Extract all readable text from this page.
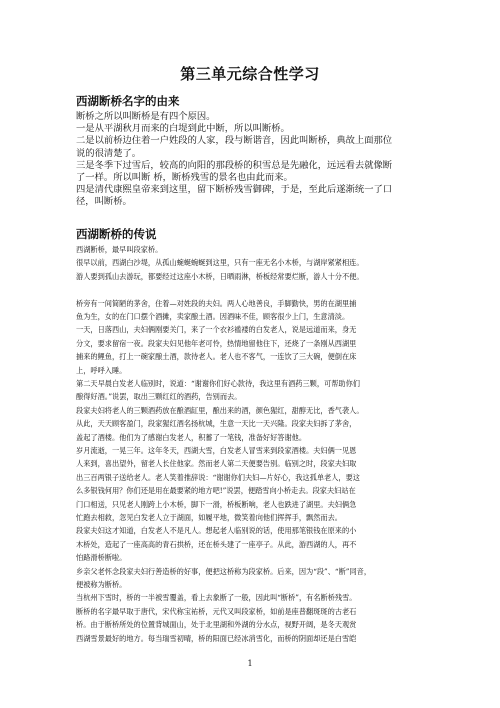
第三单元综合性学习
西湖断桥名字的由来
断桥之所以叫断桥是有四个原因。
一是从平湖秋月而来的白堤到此中断，所以叫断桥。
二是以前桥边住着一户姓段的人家，段与断谐音，因此叫断桥，典故上面那位
说的很清楚了。
三是冬季下过雪后，较高的向阳的那段桥的积雪总是先融化，远远看去就像断
了一样。所以叫断 桥，断桥残雪的景名也由此而来。
四是清代康熙皇帝来到这里，留下断桥残雪御碑，于是，至此后遂渐统一了口
径，叫断桥。
西湖断桥的传说
西湖断桥，最早叫段家桥。
很早以前，西湖白沙堤，从孤山蜿蜒蜿蜒到这里，只有一座无名小木桥，与湖岸紧紧相连。
游人要到孤山去游玩，都要经过这座小木桥，日晒雨淋，桥板经常要烂断，游人十分不便。
桥旁有一间简陋的茅舍，住着—对姓段的夫妇。两人心地善良，手脚勤快，男的在湖里捕
鱼为生，女的在门口摆个酒摊，卖家酿土酒。因酒味不佳，顾客很少上门，生意清淡。
一天，日落西山，夫妇俩刚要关门，来了一个衣衫褴褛的白发老人，说是远道而来，身无
分文，要求留宿一夜。段家夫妇见他年老可怜，热情地留他住下，还烧了一条刚从西湖里
捕来的鲤鱼，打上一碗家酿土酒，款待老人。老人也不客气，一连饮了三大碗，便倒在床
上，呼呼入睡。
第二天早晨白发老人临别时，说道：“谢谢你们好心款待，我这里有酒药三颗，可帮助你们
酿得好酒。”说罢，取出三颗红红的酒药，告别而去。
段家夫妇将老人的三颗酒药放在酿酒缸里，酿出来的酒，颜色猩红，甜醇无比，香气袭人。
从此，天天顾客盈门，段家猩红酒名扬杭城，生意一天比一天兴隆。段家夫妇拆了茅舍，
盖起了酒楼。他们为了感谢白发老人，积蓄了一笔钱，准备好好答谢他。
岁月流逝，一晃三年。这年冬天，西湖大雪，白发老人冒雪来到段家酒楼。夫妇俩一见恩
人来到，喜出望外，留老人长住他家。然而老人第二天便要告别。临别之时，段家夫妇取
出三百两银子送给老人。老人笑着推辞说：“谢谢你们夫妇—片好心，我这孤单老人，要这
么多银钱何用？你们还是用在最要紧的地方吧!”说罢，便踏雪向小桥走去。段家夫妇站在
门口相送，只见老人刚跨上小木桥，脚下一滑，桥板断响，老人也跌进了湖里。夫妇俩急
忙跑去相救，忽见白发老人立于湖面，如履平地，微笑着向他们挥挥手，飘然而去。
段家夫妇这才知道，白发老人不是凡人。想起老人临别说的话，使用那笔银钱在原来的小
木桥处，造起了一座高高的青石拱桥，还在桥头建了一座亭子。从此，游西湖的人，再不
怕路滑桥断啦。
乡亲父老怀念段家夫妇行善造桥的好事，便把这桥称为段家桥。后来，因为“段”、“断”同音，
便被称为断桥。
当杭州下雪时，桥的一半被雪覆盖，看上去象断了一般，因此叫“断桥”，有名断桥残雪。
断桥的名字最早取于唐代，宋代称宝祐桥，元代又叫段家桥，如前是座普翻斑斑的古老石
桥。由于断桥所处的位置背城面山，处于北里湖和外湖的分水点，视野开阔，是冬天观赏
西湖雪景最好的地方。每当瑞雪初晴，桥的阳面已经冰消雪化，而桥的阴面却还是白雪皑
1
